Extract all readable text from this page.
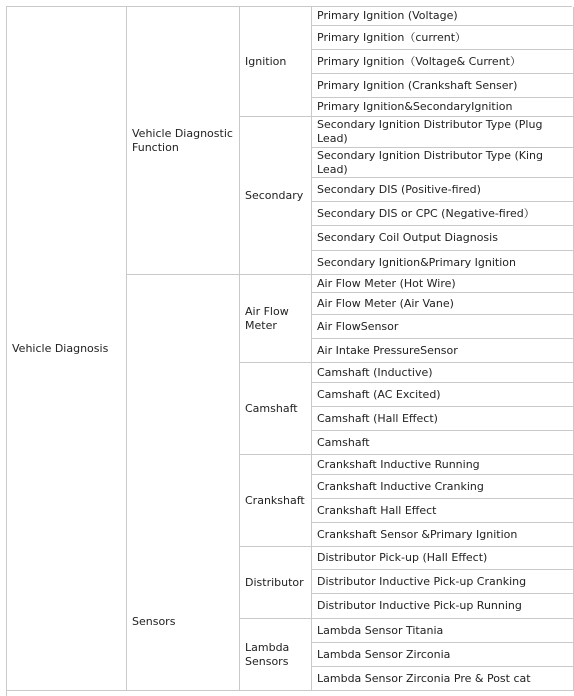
Vehicle Diagnosis
Vehicle Diagnostic Function
Sensors
Ignition
Secondary
Air Flow Meter
Camshaft
Crankshaft
Distributor
Lambda Sensors
Primary Ignition (Voltage)
Primary Ignition（current）
Primary Ignition（Voltage& Current）
Primary Ignition (Crankshaft Senser)
Primary Ignition&SecondaryIgnition
Secondary Ignition Distributor Type (Plug Lead)
Secondary Ignition Distributor Type (King Lead)
Secondary DIS (Positive-fired)
Secondary DIS or CPC (Negative-fired）
Secondary Coil Output Diagnosis
Secondary Ignition&Primary Ignition
Air Flow Meter (Hot Wire)
Air Flow Meter (Air Vane)
Air FlowSensor
Air Intake PressureSensor
Camshaft (Inductive)
Camshaft (AC Excited)
Camshaft (Hall Effect)
Camshaft
Crankshaft Inductive Running
Crankshaft Inductive Cranking
Crankshaft Hall Effect
Crankshaft Sensor &Primary Ignition
Distributor Pick-up (Hall Effect)
Distributor Inductive Pick-up Cranking
Distributor Inductive Pick-up Running
Lambda Sensor Titania
Lambda Sensor Zirconia
Lambda Sensor Zirconia Pre & Post cat
